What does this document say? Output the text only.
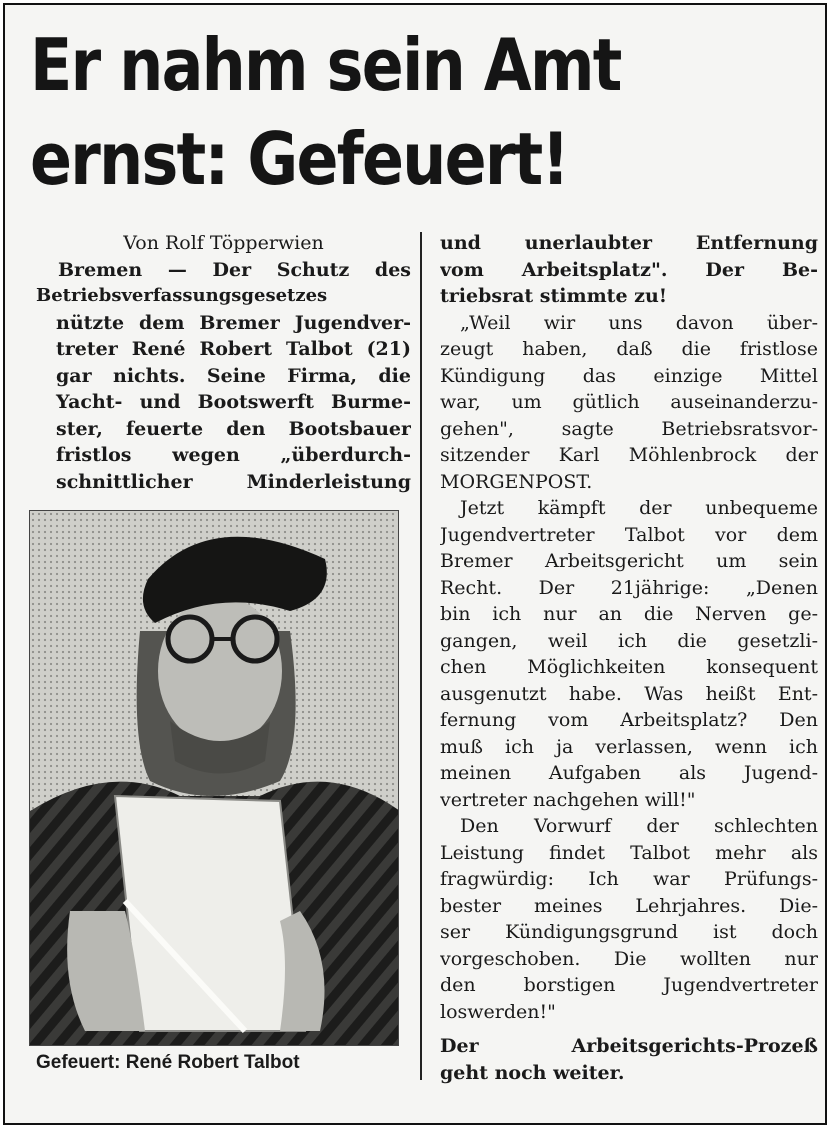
Er nahm sein Amt
ernst: Gefeuert!
Von Rolf Töpperwien
Bremen — Der Schutz des
Betriebsverfassungsgesetzes
nützte dem Bremer Jugendver-
treter René Robert Talbot (21)
gar nichts. Seine Firma, die
Yacht- und Bootswerft Burme-
ster, feuerte den Bootsbauer
fristlos wegen „überdurch-
schnittlicher Minderleistung
Gefeuert: René Robert Talbot
und unerlaubter Entfernung
vom Arbeitsplatz". Der Be-
triebsrat stimmte zu!
„Weil wir uns davon über-
zeugt haben, daß die fristlose
Kündigung das einzige Mittel
war, um gütlich auseinanderzu-
gehen", sagte Betriebsratsvor-
sitzender Karl Möhlenbrock der
MORGENPOST.
Jetzt kämpft der unbequeme
Jugendvertreter Talbot vor dem
Bremer Arbeitsgericht um sein
Recht. Der 21jährige: „Denen
bin ich nur an die Nerven ge-
gangen, weil ich die gesetzli-
chen Möglichkeiten konsequent
ausgenutzt habe. Was heißt Ent-
fernung vom Arbeitsplatz? Den
muß ich ja verlassen, wenn ich
meinen Aufgaben als Jugend-
vertreter nachgehen will!"
Den Vorwurf der schlechten
Leistung findet Talbot mehr als
fragwürdig: Ich war Prüfungs-
bester meines Lehrjahres. Die-
ser Kündigungsgrund ist doch
vorgeschoben. Die wollten nur
den borstigen Jugendvertreter
loswerden!"
Der Arbeitsgerichts-Prozeß
geht noch weiter.
